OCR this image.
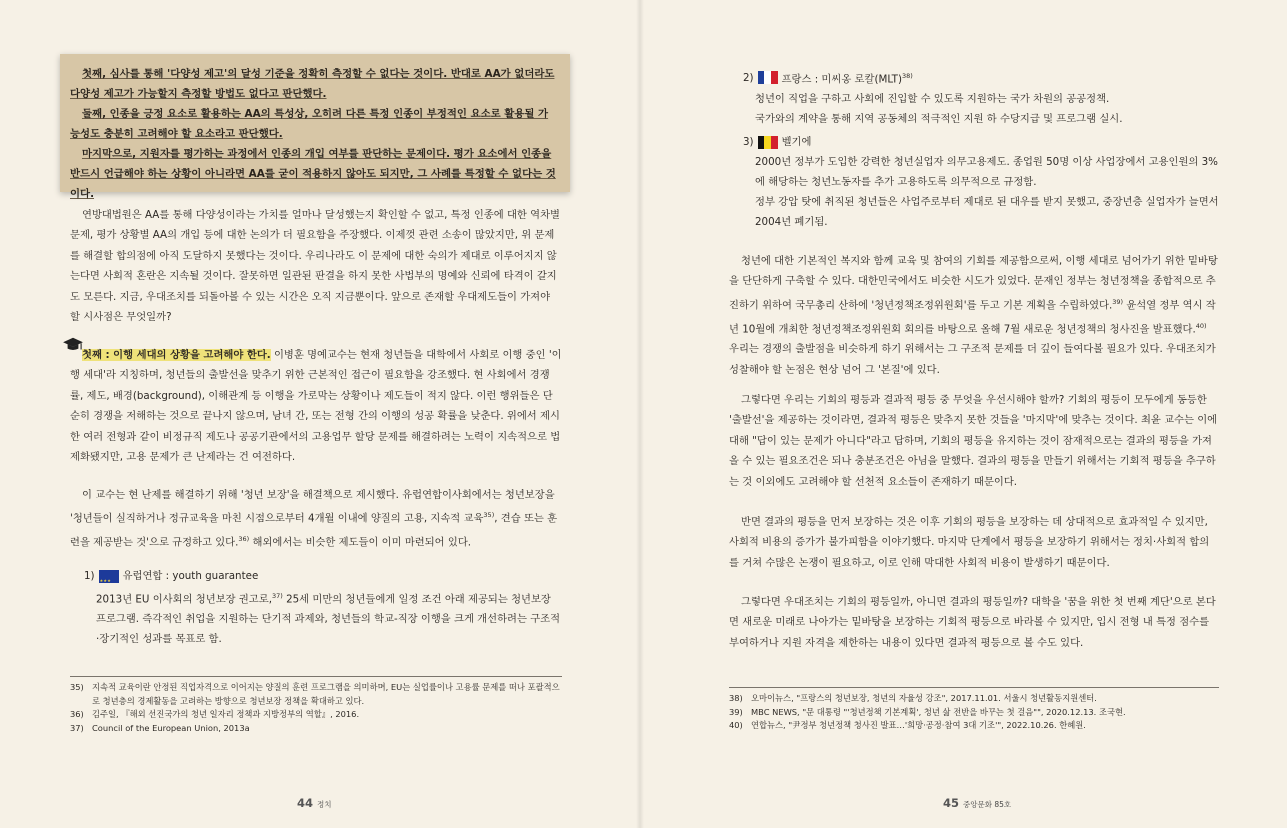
첫째, 심사를 통해 '다양성 제고'의 달성 기준을 정확히 측정할 수 없다는 것이다. 반대로 AA가 없더라도 다양성 제고가 가능할지 측정할 방법도 없다고 판단했다.

둘째, 인종을 긍정 요소로 활용하는 AA의 특성상, 오히려 다른 특정 인종이 부정적인 요소로 활용될 가능성도 충분히 고려해야 할 요소라고 판단했다.

마지막으로, 지원자를 평가하는 과정에서 인종의 개입 여부를 판단하는 문제이다. 평가 요소에서 인종을 반드시 언급해야 하는 상황이 아니라면 AA를 굳이 적용하지 않아도 되지만, 그 사례를 특정할 수 없다는 것이다.

연방대법원은 AA를 통해 다양성이라는 가치를 얼마나 달성했는지 확인할 수 없고, 특정 인종에 대한 역차별 문제, 평가 상황별 AA의 개입 등에 대한 논의가 더 필요함을 주장했다. 이제껏 관련 소송이 많았지만, 위 문제를 해결할 합의점에 아직 도달하지 못했다는 것이다. 우리나라도 이 문제에 대한 숙의가 제대로 이루어지지 않는다면 사회적 혼란은 지속될 것이다. 잘못하면 일관된 판결을 하지 못한 사법부의 명예와 신뢰에 타격이 갈지도 모른다. 지금, 우대조치를 되돌아볼 수 있는 시간은 오직 지금뿐이다. 앞으로 존재할 우대제도들이 가져야 할 시사점은 무엇일까?

첫째 : 이행 세대의 상황을 고려해야 한다. 이병훈 명예교수는 현재 청년들을 대학에서 사회로 이행 중인 '이행 세대'라 지칭하며, 청년들의 출발선을 맞추기 위한 근본적인 접근이 필요함을 강조했다. 현 사회에서 경쟁률, 제도, 배경(background), 이해관계 등 이행을 가로막는 상황이나 제도들이 적지 않다. 이런 행위들은 단순히 경쟁을 저해하는 것으로 끝나지 않으며, 남녀 간, 또는 전형 간의 이행의 성공 확률을 낮춘다. 위에서 제시한 여러 전형과 같이 비정규직 제도나 공공기관에서의 고용업무 할당 문제를 해결하려는 노력이 지속적으로 법제화됐지만, 고용 문제가 큰 난제라는 건 여전하다.

이 교수는 현 난제를 해결하기 위해 '청년 보장'을 해결책으로 제시했다. 유럽연합이사회에서는 청년보장을 '청년들이 실직하거나 정규교육을 마친 시점으로부터 4개월 이내에 양질의 고용, 지속적 교육$^{35)}$, 견습 또는 훈련을 제공받는 것'으로 규정하고 있다.$^{36)}$ 해외에서는 비슷한 제도들이 이미 마련되어 있다.

1)
★ ★ ★	유럽연합 : youth guarantee

2013년 EU 이사회의 청년보장 권고로,$^{37)}$ 25세 미만의 청년들에게 일정 조건 아래 제공되는 청년보장 프로그램. 즉각적인 취업을 지원하는 단기적 과제와, 청년들의 학교-직장 이행을 크게 개선하려는 구조적·장기적인 성과를 목표로 함.

35) 지속적 교육이란 안정된 직업자격으로 이어지는 양질의 훈련 프로그램을 의미하며, EU는 실업률이나 고용률 문제를 떠나 포괄적으로 청년층의 경제활동을 고려하는 방향으로 청년보장 정책을 확대하고 있다.
36) 김주일, 『해외 선진국가의 청년 일자리 정책과 지방정부의 역할』, 2016.
37) Council of the European Union, 2013a
44 정치
2)	프랑스 : 미씨옹 로칼(MLT)$^{38)}$

청년이 직업을 구하고 사회에 진입할 수 있도록 지원하는 국가 차원의 공공정책.

국가와의 계약을 통해 지역 공동체의 적극적인 지원 하 수당지급 및 프로그램 실시.

3)	벨기에

2000년 정부가 도입한 강력한 청년실업자 의무고용제도. 종업원 50명 이상 사업장에서 고용인원의 3%에 해당하는 청년노동자를 추가 고용하도록 의무적으로 규정함.

정부 강압 탓에 취직된 청년들은 사업주로부터 제대로 된 대우를 받지 못했고, 중장년층 실업자가 늘면서 2004년 폐기됨.

청년에 대한 기본적인 복지와 함께 교육 및 참여의 기회를 제공함으로써, 이행 세대로 넘어가기 위한 밑바탕을 단단하게 구축할 수 있다. 대한민국에서도 비슷한 시도가 있었다. 문재인 정부는 청년정책을 종합적으로 추진하기 위하여 국무총리 산하에 '청년정책조정위원회'를 두고 기본 계획을 수립하였다.$^{39)}$ 윤석열 정부 역시 작년 10월에 개최한 청년정책조정위원회 회의를 바탕으로 올해 7월 새로운 청년정책의 청사진을 발표했다.$^{40)}$ 우리는 경쟁의 출발점을 비슷하게 하기 위해서는 그 구조적 문제를 더 깊이 들여다볼 필요가 있다. 우대조치가 성찰해야 할 논점은 현상 넘어 그 '본질'에 있다.

그렇다면 우리는 기회의 평등과 결과적 평등 중 무엇을 우선시해야 할까? 기회의 평등이 모두에게 동등한 '출발선'을 제공하는 것이라면, 결과적 평등은 맞추지 못한 것들을 '마지막'에 맞추는 것이다. 최윤 교수는 이에 대해 "답이 있는 문제가 아니다"라고 답하며, 기회의 평등을 유지하는 것이 잠재적으로는 결과의 평등을 가져올 수 있는 필요조건은 되나 충분조건은 아님을 말했다. 결과의 평등을 만들기 위해서는 기회적 평등을 추구하는 것 이외에도 고려해야 할 선천적 요소들이 존재하기 때문이다.

반면 결과의 평등을 먼저 보장하는 것은 이후 기회의 평등을 보장하는 데 상대적으로 효과적일 수 있지만, 사회적 비용의 증가가 불가피함을 이야기했다. 마지막 단계에서 평등을 보장하기 위해서는 정치·사회적 합의를 거쳐 수많은 논쟁이 필요하고, 이로 인해 막대한 사회적 비용이 발생하기 때문이다.

그렇다면 우대조치는 기회의 평등일까, 아니면 결과의 평등일까? 대학을 '꿈을 위한 첫 번째 계단'으로 본다면 새로운 미래로 나아가는 밑바탕을 보장하는 기회적 평등으로 바라볼 수 있지만, 입시 전형 내 특정 점수를 부여하거나 지원 자격을 제한하는 내용이 있다면 결과적 평등으로 볼 수도 있다.

38) 오마이뉴스, "프랑스의 청년보장, 청년의 자율성 강조", 2017.11.01. 서울시 청년활동지원센터.
39) MBC NEWS, "문 대통령 "'청년정책 기본계획', 청년 삶 전반을 바꾸는 첫 걸음"", 2020.12.13. 조국현.
40) 연합뉴스, "尹정부 청년정책 청사진 발표…'희망·공정·참여 3대 기조'", 2022.10.26. 한혜원.
45 중앙문화 85호
